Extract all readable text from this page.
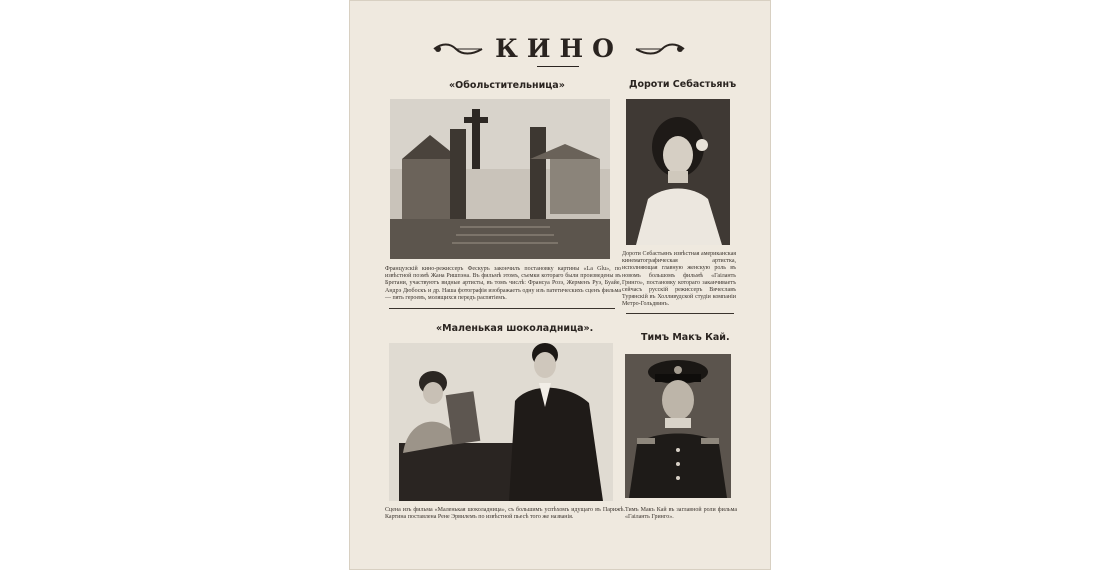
КИНО
«Обольстительница»
Французскій кино-режиссеръ Фескуръ закончилъ постановку картины «La Glu», по извѣстной поэмѣ Жана Ришпэна. Въ фильмѣ этомъ, съемки котораго были произведены въ Бретани, участвуютъ видные артисты, въ томъ числѣ: Франсуа Розэ, Жерменъ Руэ, Буайе, Андрэ Дюбоскъ и др. Наша фотографія изображаетъ одну изъ патетическихъ сценъ фильма — пять героевъ, молящихся передъ распятіемъ.
Дороти Себастьянъ
Дороти Себастьянъ извѣстная американская кинематографическая артистка, исполняющая главную женскую роль въ новомъ большомъ фильмѣ «Гаіланть Гринго», постановку котораго заканчиваетъ сейчасъ русскій режиссеръ Вячеславъ Турянскій въ Холливудской студіи компаніи Метро-Гольдвинъ.
«Маленькая шоколадница».
Сцена изъ фильма «Маленькая шоколадница», съ большимъ успѣхомъ идущаго въ Парижѣ. Картина поставлена Рене Эрвилемъ по извѣстной пьесѣ того же названія.
Тимъ Макъ Кай.
Тимъ Макъ Кай въ заглавной роли фильма «Гаіланть Гринго».
